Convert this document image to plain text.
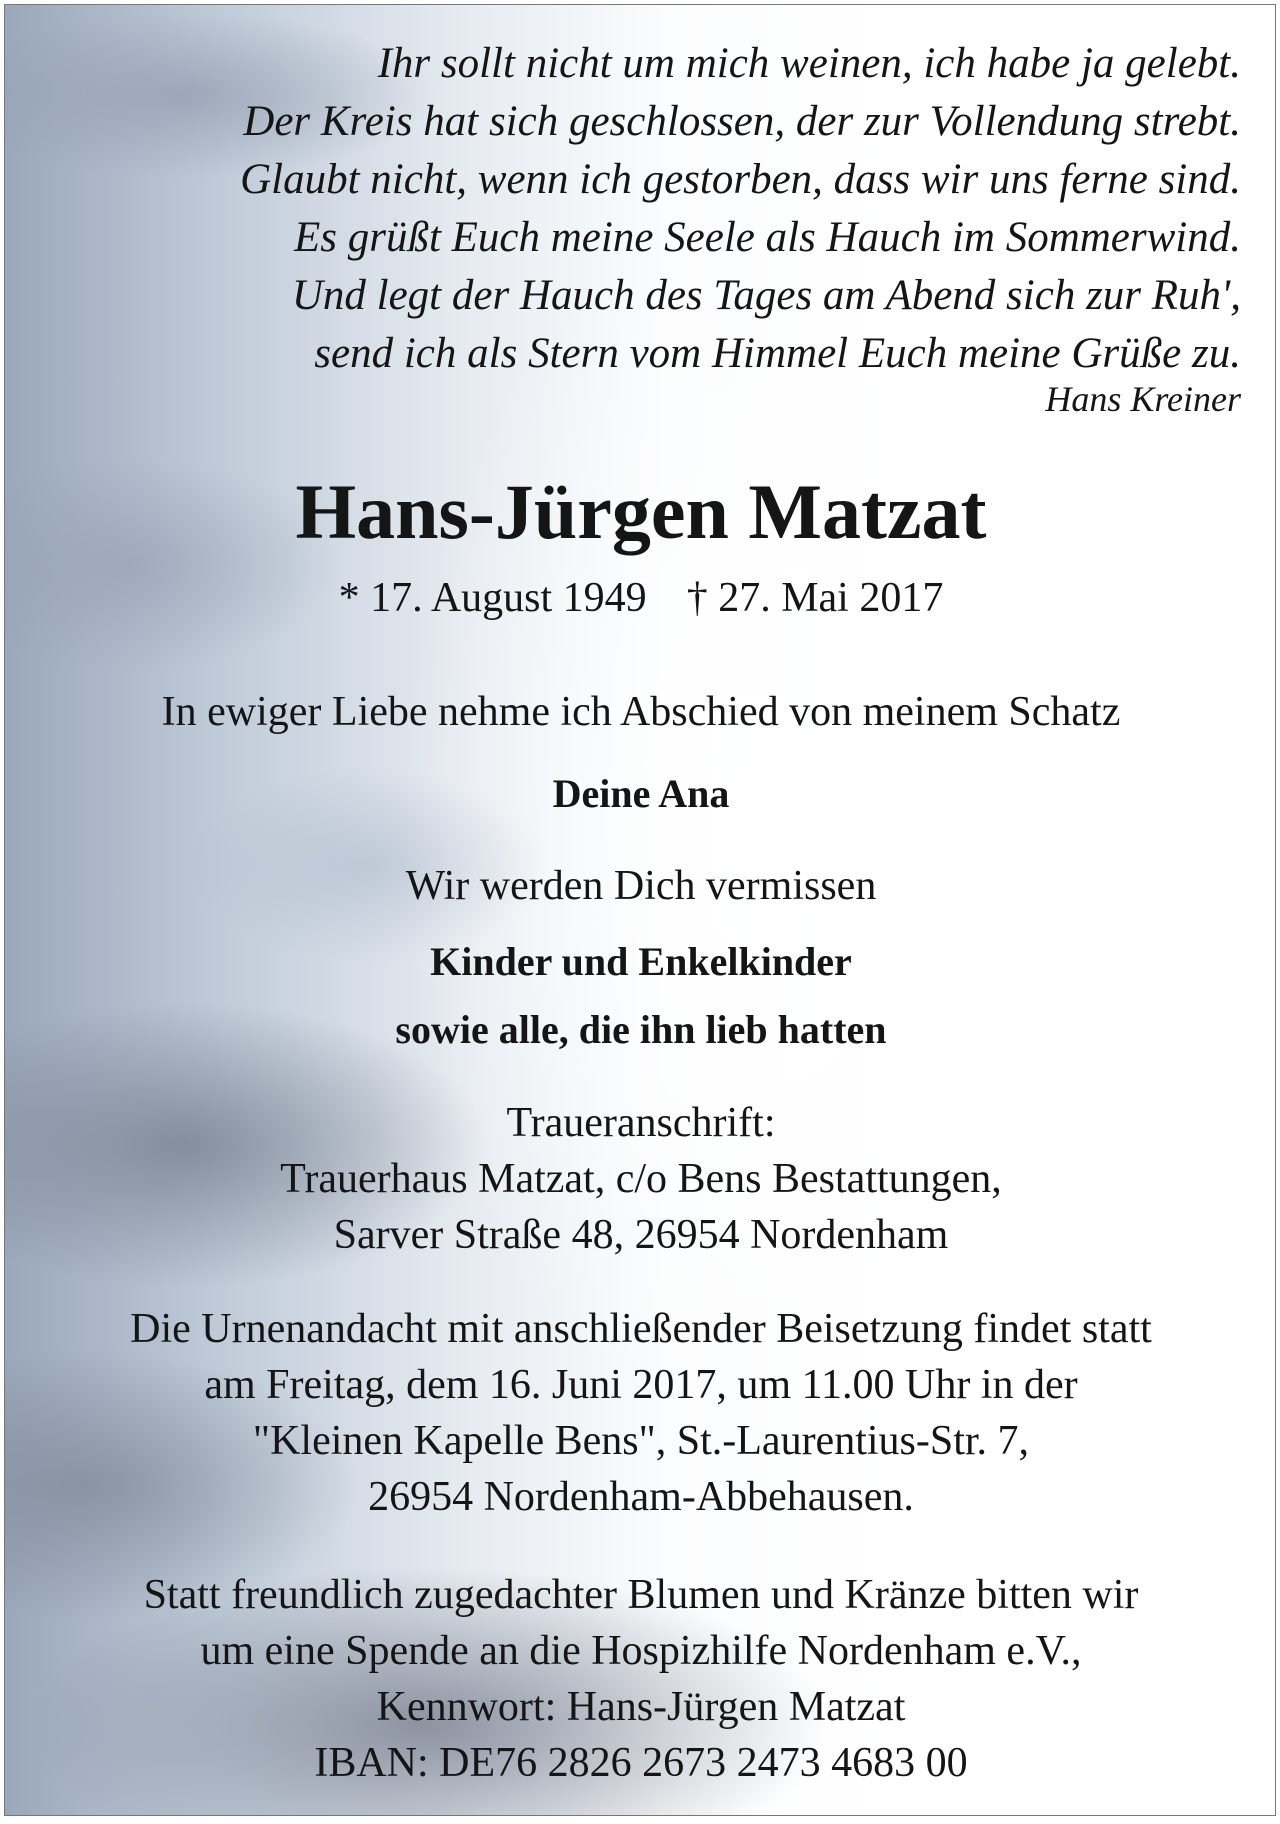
Ihr sollt nicht um mich weinen, ich habe ja gelebt.
Der Kreis hat sich geschlossen, der zur Vollendung strebt.
Glaubt nicht, wenn ich gestorben, dass wir uns ferne sind.
Es grüßt Euch meine Seele als Hauch im Sommerwind.
Und legt der Hauch des Tages am Abend sich zur Ruh',
send ich als Stern vom Himmel Euch meine Grüße zu.
Hans Kreiner
Hans-Jürgen Matzat
* 17. August 1949 † 27. Mai 2017
In ewiger Liebe nehme ich Abschied von meinem Schatz
Deine Ana
Wir werden Dich vermissen
Kinder und Enkelkinder
sowie alle, die ihn lieb hatten
Traueranschrift:
Trauerhaus Matzat, c/o Bens Bestattungen,
Sarver Straße 48, 26954 Nordenham
Die Urnenandacht mit anschließender Beisetzung findet statt
am Freitag, dem 16. Juni 2017, um 11.00 Uhr in der
"Kleinen Kapelle Bens", St.-Laurentius-Str. 7,
26954 Nordenham-Abbehausen.
Statt freundlich zugedachter Blumen und Kränze bitten wir
um eine Spende an die Hospizhilfe Nordenham e.V.,
Kennwort: Hans-Jürgen Matzat
IBAN: DE76 2826 2673 2473 4683 00
